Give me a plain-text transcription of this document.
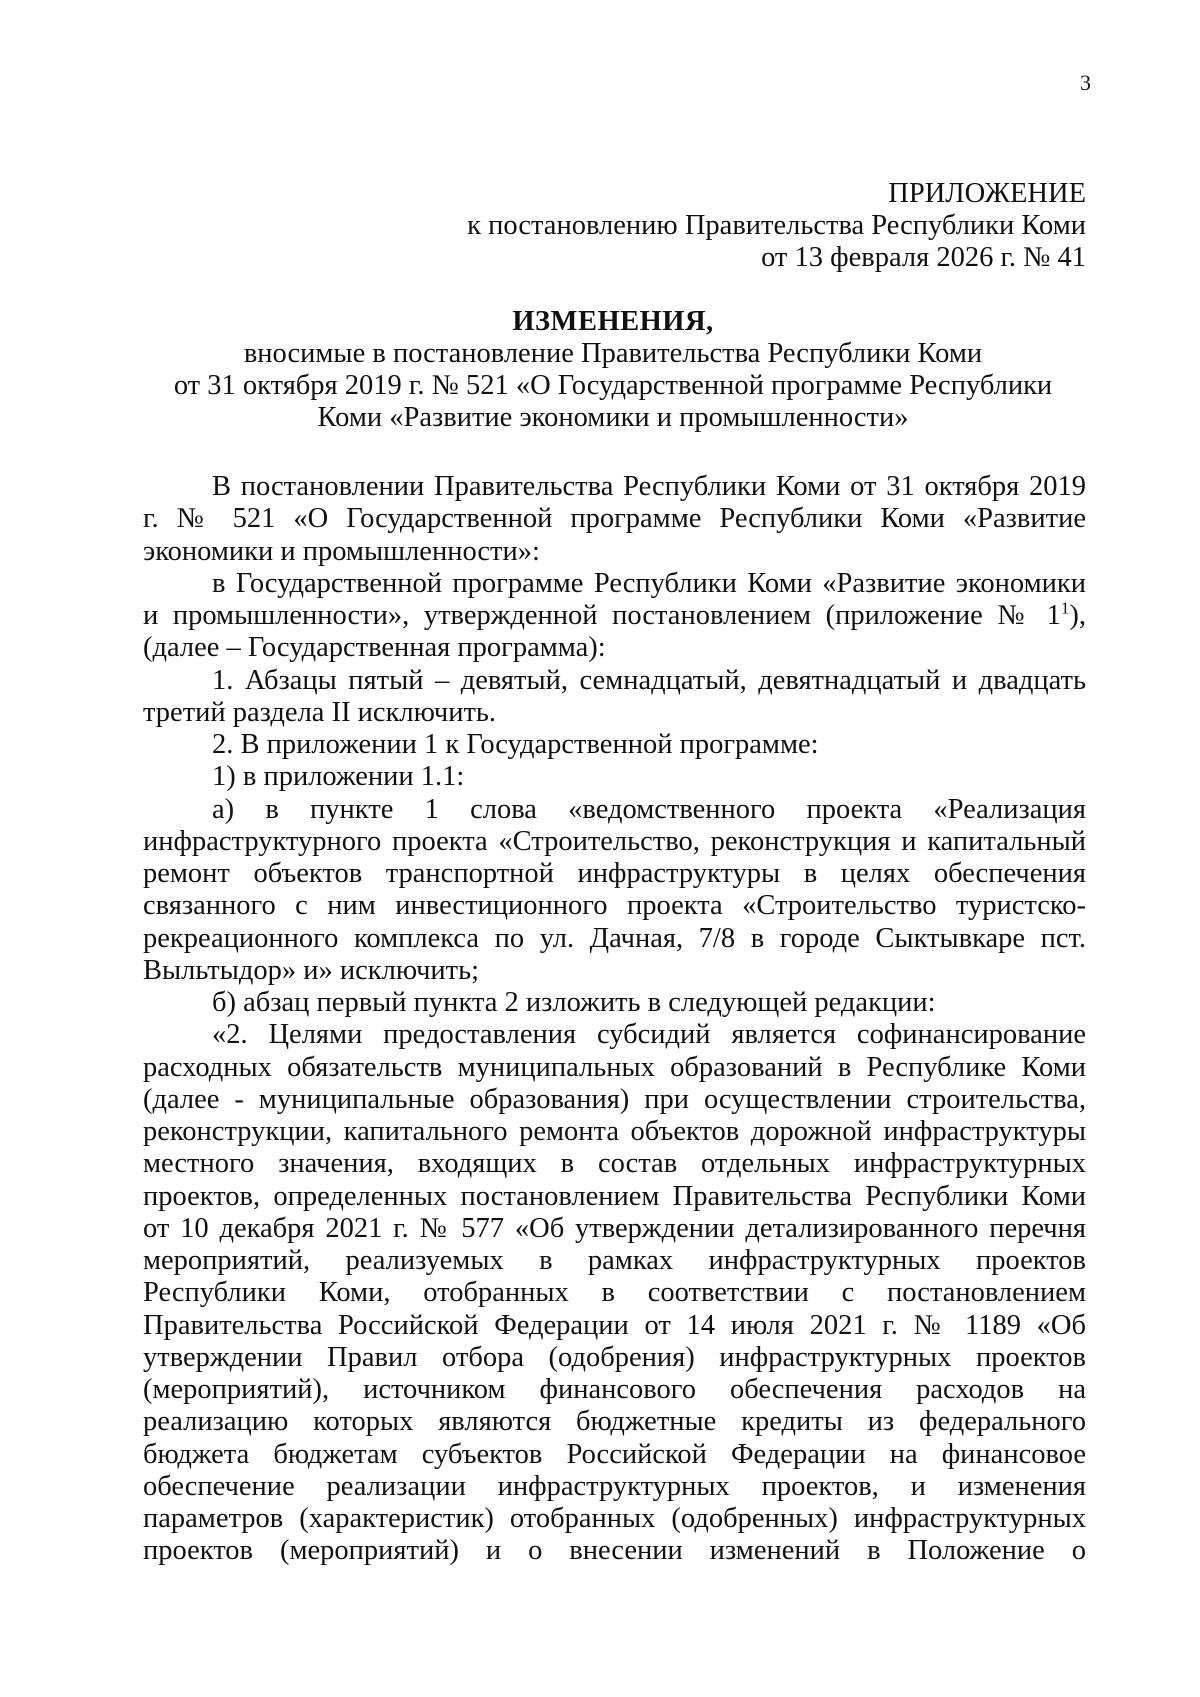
3
ПРИЛОЖЕНИЕ
к постановлению Правительства Республики Коми
от 13 февраля 2026 г. № 41
ИЗМЕНЕНИЯ,
вносимые в постановление Правительства Республики Коми
от 31 октября 2019 г. № 521 «О Государственной программе Республики
Коми «Развитие экономики и промышленности»

В постановлении Правительства Республики Коми от 31 октября 2019 г. № 521 «О Государственной программе Республики Коми «Развитие экономики и промышленности»:

в Государственной программе Республики Коми «Развитие экономики и промышленности», утвержденной постановлением (приложение № $1^1$), (далее – Государственная программа):

1. Абзацы пятый – девятый, семнадцатый, девятнадцатый и двадцать третий раздела II исключить.

2. В приложении 1 к Государственной программе:

1) в приложении 1.1:

а) в пункте 1 слова «ведомственного проекта «Реализация инфраструктурного проекта «Строительство, реконструкция и капитальный ремонт объектов транспортной инфраструктуры в целях обеспечения связанного с ним инвестиционного проекта «Строительство туристско-рекреационного комплекса по ул. Дачная, 7/8 в городе Сыктывкаре пст. Выльтыдор» и» исключить;

б) абзац первый пункта 2 изложить в следующей редакции:

«2. Целями предоставления субсидий является софинансирование расходных обязательств муниципальных образований в Республике Коми (далее - муниципальные образования) при осуществлении строительства, реконструкции, капитального ремонта объектов дорожной инфраструктуры местного значения, входящих в состав отдельных инфраструктурных проектов, определенных постановлением Правительства Республики Коми от 10 декабря 2021 г. № 577 «Об утверждении детализированного перечня мероприятий, реализуемых в рамках инфраструктурных проектов Республики Коми, отобранных в соответствии с постановлением Правительства Российской Федерации от 14 июля 2021 г. № 1189 «Об утверждении Правил отбора (одобрения) инфраструктурных проектов (мероприятий), источником финансового обеспечения расходов на реализацию которых являются бюджетные кредиты из федерального бюджета бюджетам субъектов Российской Федерации на финансовое обеспечение реализации инфраструктурных проектов, и изменения параметров (характеристик) отобранных (одобренных) инфраструктурных проектов (мероприятий) и о внесении изменений в Положение о
